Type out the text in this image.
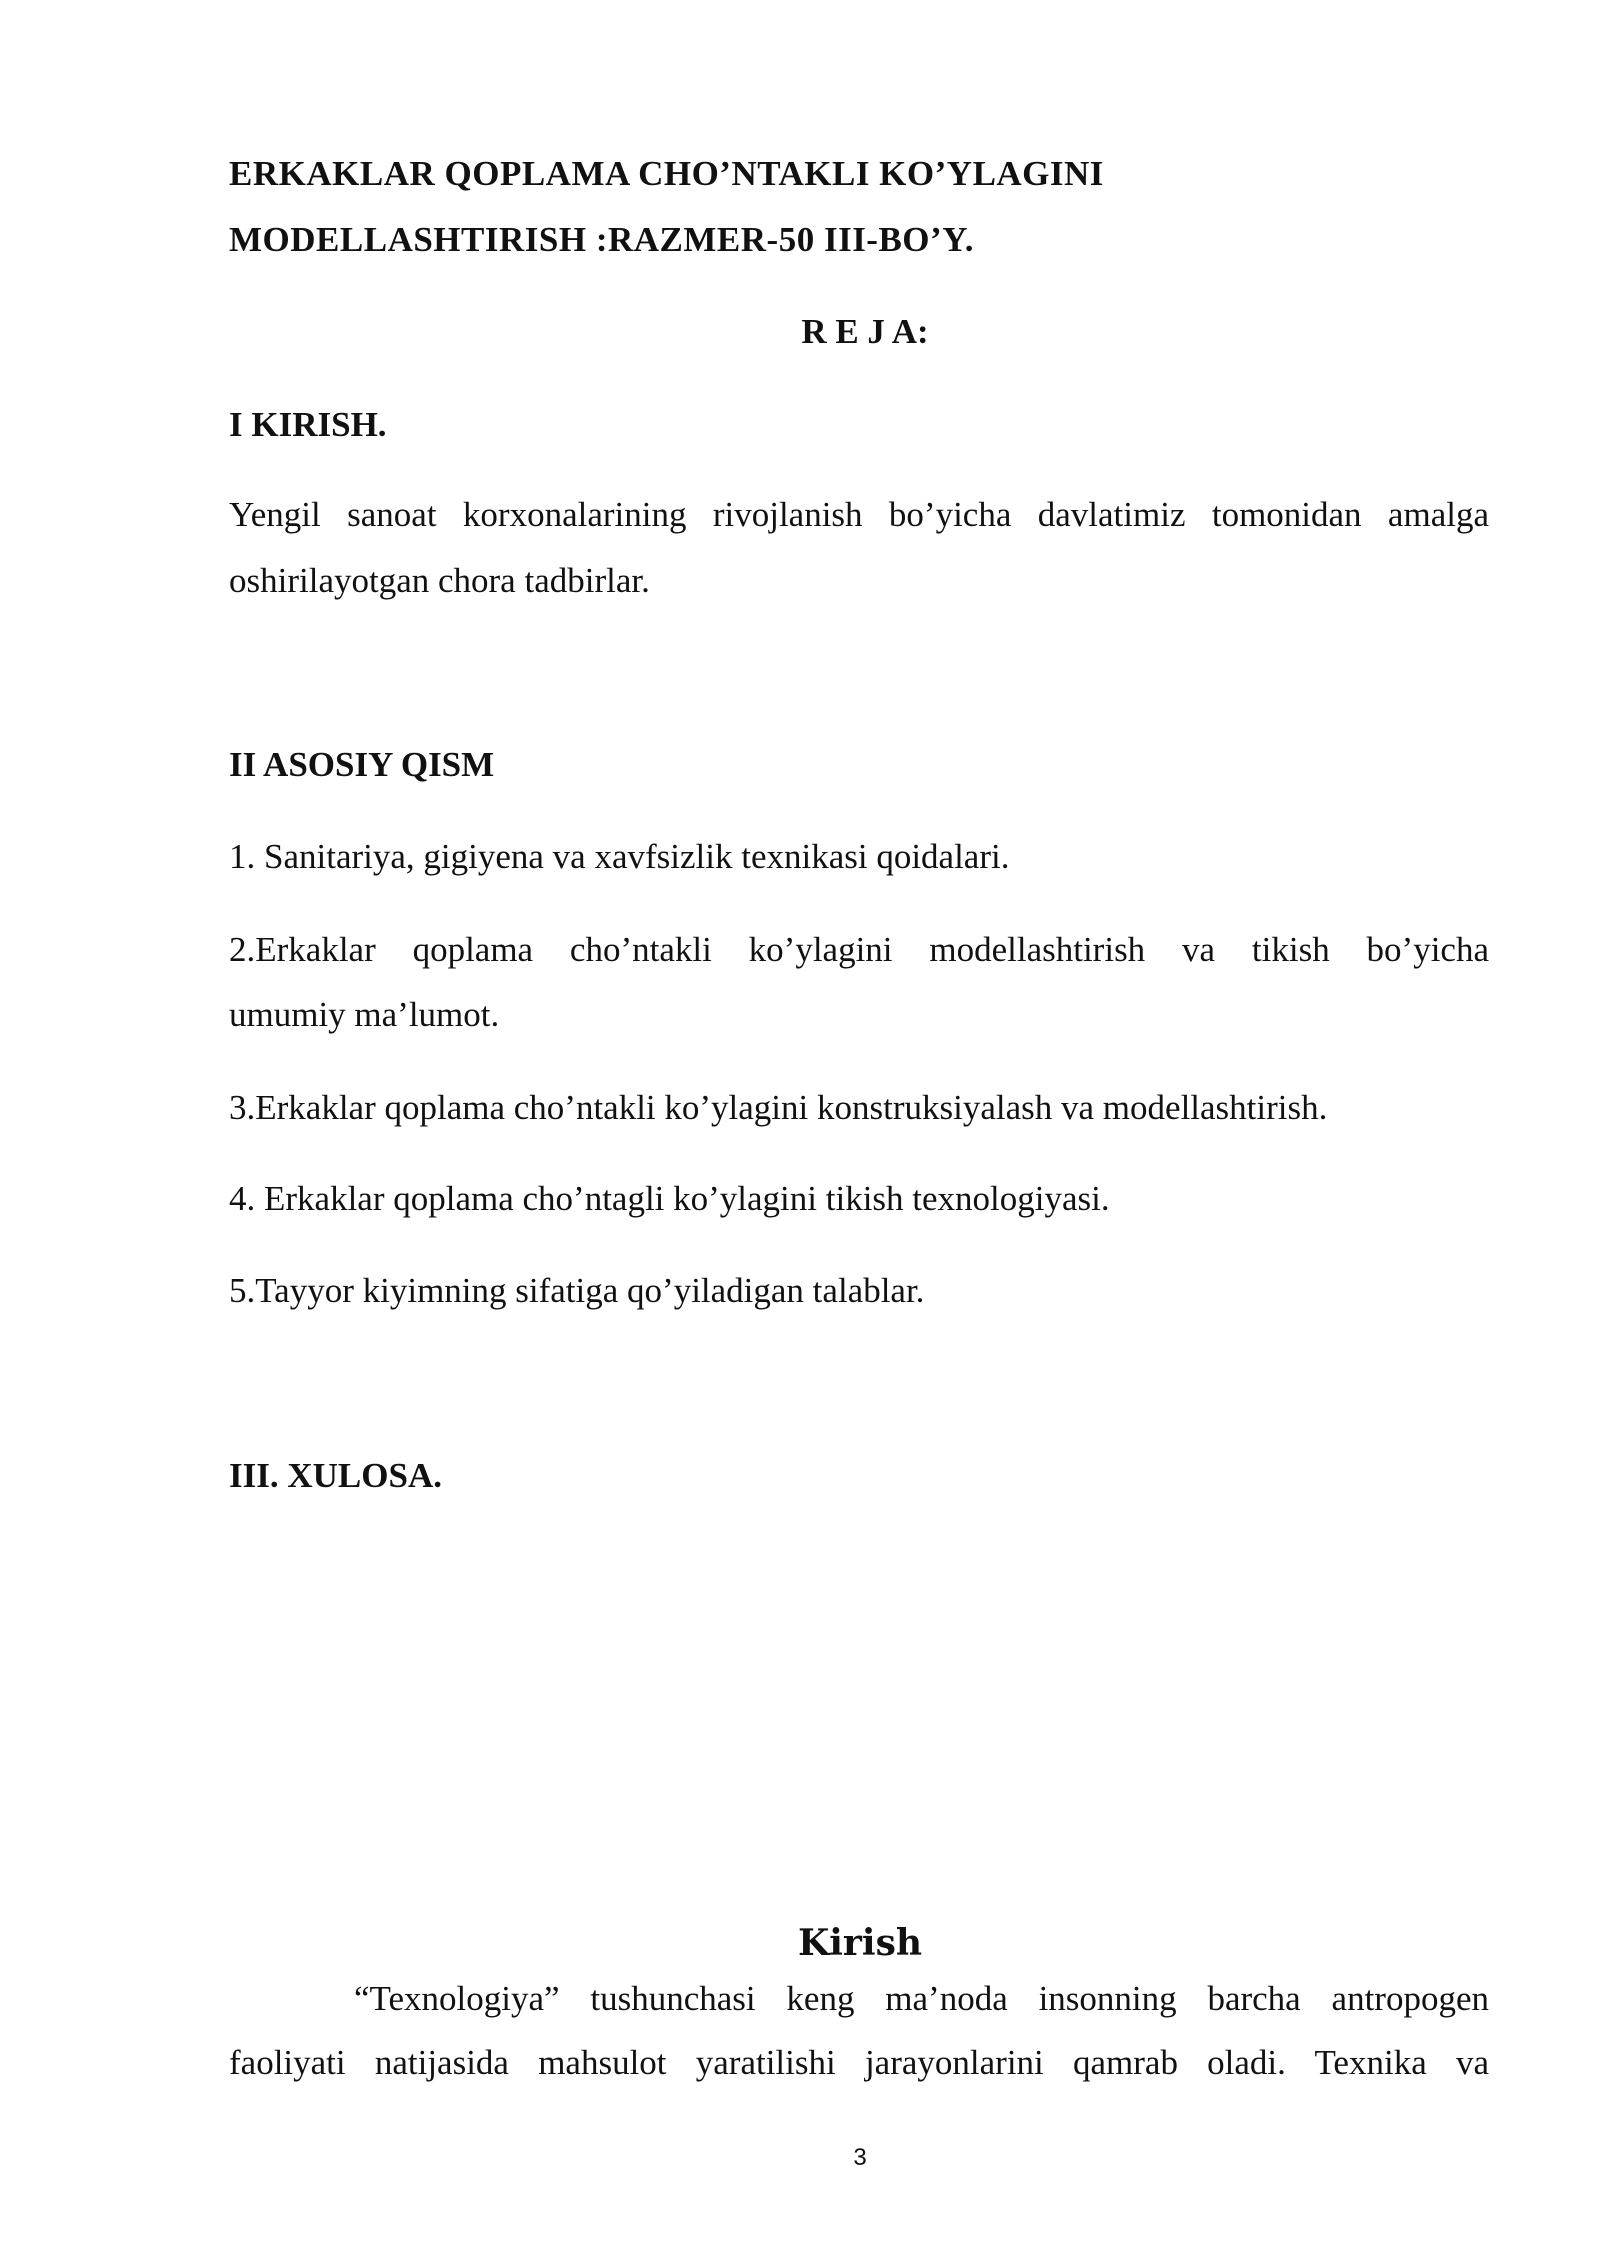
ERKAKLAR QOPLAMA CHO’NTAKLI KO’YLAGINI
MODELLASHTIRISH :RAZMER-50 III-BO’Y.
R E J A:
I KIRISH.
Yengil sanoat korxonalarining rivojlanish bo’yicha davlatimiz tomonidan amalga
oshirilayotgan chora tadbirlar.
II ASOSIY QISM
1. Sanitariya, gigiyena va xavfsizlik texnikasi qoidalari.
2.Erkaklar qoplama cho’ntakli ko’ylagini modellashtirish va tikish bo’yicha
umumiy ma’lumot.
3.Erkaklar qoplama cho’ntakli ko’ylagini konstruksiyalash va modellashtirish.
4. Erkaklar qoplama cho’ntagli ko’ylagini tikish texnologiyasi.
5.Tayyor kiyimning sifatiga qo’yiladigan talablar.
III. XULOSA.
Kirish
“Texnologiya” tushunchasi keng ma’noda insonning barcha antropogen
faoliyati natijasida mahsulot yaratilishi jarayonlarini qamrab oladi. Texnika va
3
